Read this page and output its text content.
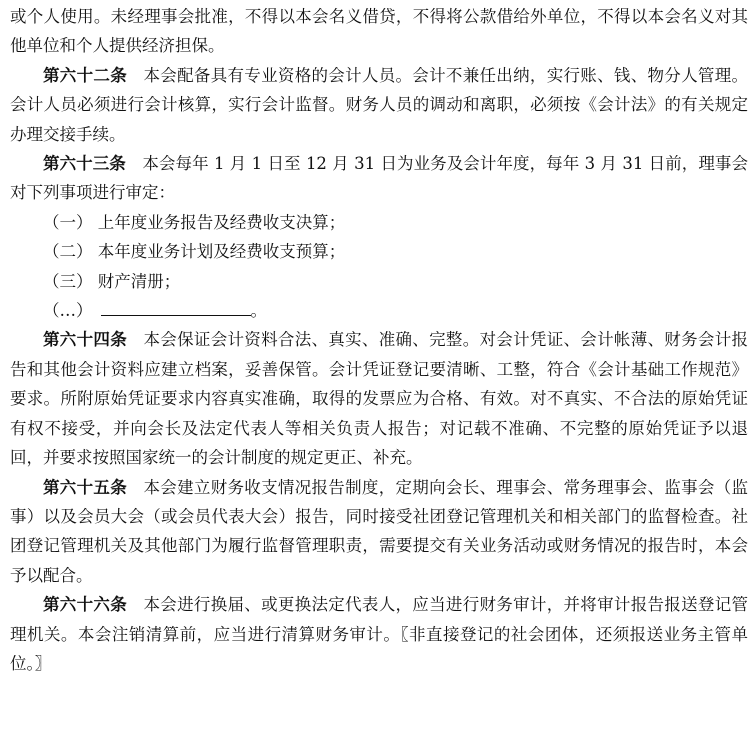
或个人使用。未经理事会批准，不得以本会名义借贷，不得将公款借给外单位，不得以本会名义对其他单位和个人提供经济担保。

第六十二条 本会配备具有专业资格的会计人员。会计不兼任出纳，实行账、钱、物分人管理。会计人员必须进行会计核算，实行会计监督。财务人员的调动和离职，必须按《会计法》的有关规定办理交接手续。

第六十三条 本会每年 1 月 1 日至 12 月 31 日为业务及会计年度，每年 3 月 31 日前，理事会对下列事项进行审定：

（一） 上年度业务报告及经费收支决算；

（二） 本年度业务计划及经费收支预算；

（三） 财产清册；

（…）	。

第六十四条 本会保证会计资料合法、真实、准确、完整。对会计凭证、会计帐薄、财务会计报告和其他会计资料应建立档案，妥善保管。会计凭证登记要清晰、工整，符合《会计基础工作规范》要求。所附原始凭证要求内容真实准确，取得的发票应为合格、有效。对不真实、不合法的原始凭证有权不接受，并向会长及法定代表人等相关负责人报告；对记载不准确、不完整的原始凭证予以退回，并要求按照国家统一的会计制度的规定更正、补充。

第六十五条 本会建立财务收支情况报告制度，定期向会长、理事会、常务理事会、监事会（监事）以及会员大会（或会员代表大会）报告，同时接受社团登记管理机关和相关部门的监督检查。社团登记管理机关及其他部门为履行监督管理职责，需要提交有关业务活动或财务情况的报告时，本会予以配合。

第六十六条 本会进行换届、或更换法定代表人，应当进行财务审计，并将审计报告报送登记管理机关。本会注销清算前，应当进行清算财务审计。〖非直接登记的社会团体，还须报送业务主管单位。〗
